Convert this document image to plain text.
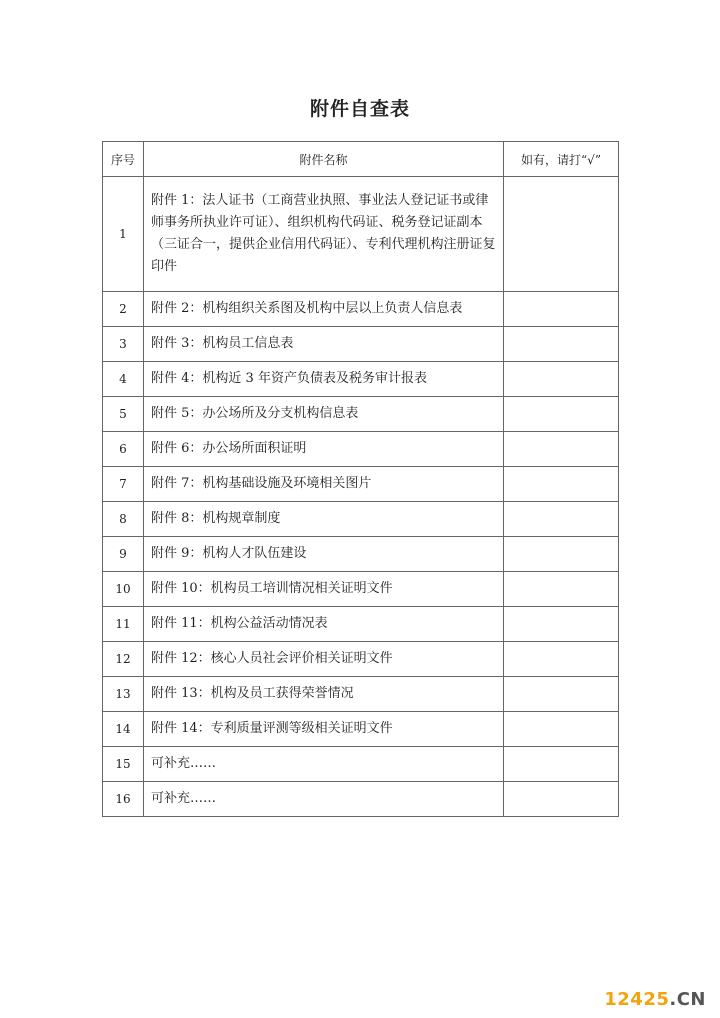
附件自查表
序号	附件名称	如有，请打“√”
1	附件 1：法人证书（工商营业执照、事业法人登记证书或律师事务所执业许可证）、组织机构代码证、税务登记证副本（三证合一，提供企业信用代码证）、专利代理机构注册证复印件	
2	附件 2：机构组织关系图及机构中层以上负责人信息表	
3	附件 3：机构员工信息表	
4	附件 4：机构近 3 年资产负债表及税务审计报表	
5	附件 5：办公场所及分支机构信息表	
6	附件 6：办公场所面积证明	
7	附件 7：机构基础设施及环境相关图片	
8	附件 8：机构规章制度	
9	附件 9：机构人才队伍建设	
10	附件 10：机构员工培训情况相关证明文件	
11	附件 11：机构公益活动情况表	
12	附件 12：核心人员社会评价相关证明文件	
13	附件 13：机构及员工获得荣誉情况	
14	附件 14：专利质量评测等级相关证明文件	
15	可补充……	
16	可补充……	
12425.CN
